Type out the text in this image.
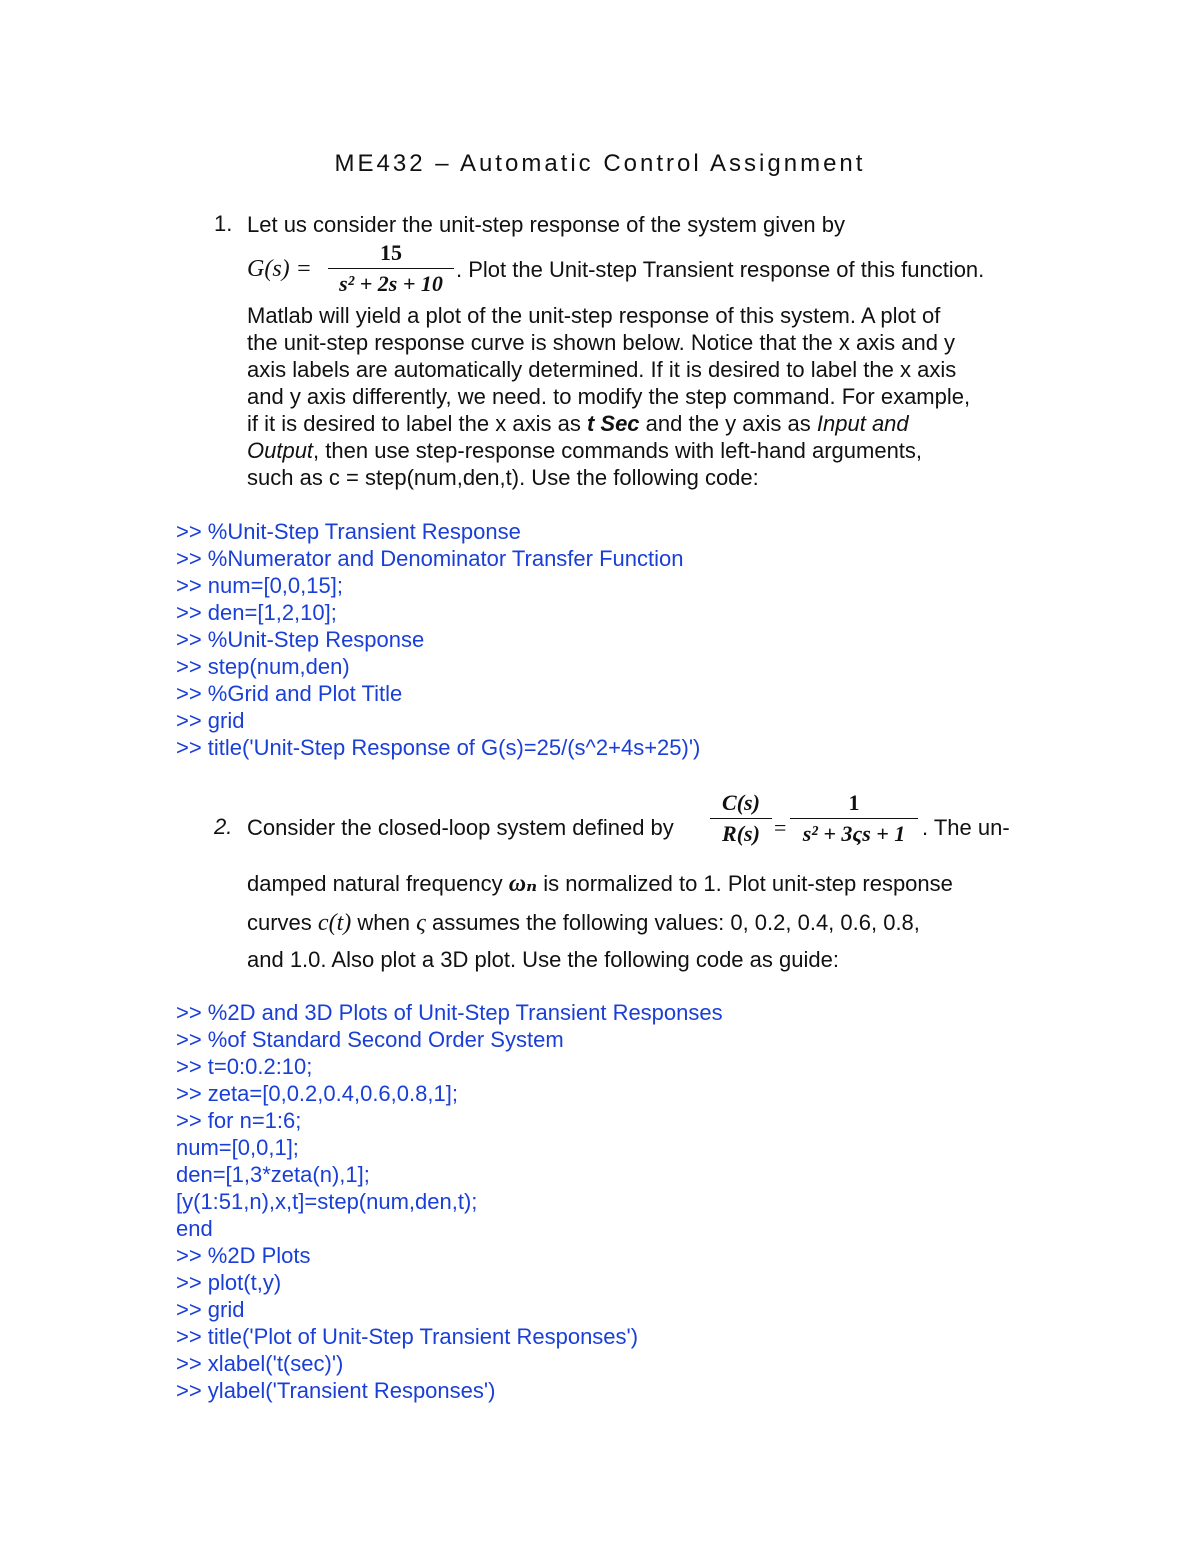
ME432 – Automatic Control Assignment
1. Let us consider the unit-step response of the system given by
G(s) =
15
s² + 2s + 10
. Plot the Unit-step Transient response of this function.
Matlab will yield a plot of the unit-step response of this system. A plot of
the unit-step response curve is shown below. Notice that the x axis and y
axis labels are automatically determined. If it is desired to label the x axis
and y axis differently, we need. to modify the step command. For example,
if it is desired to label the x axis as t Sec and the y axis as Input and
Output, then use step-response commands with left-hand arguments,
such as c = step(num,den,t). Use the following code:
>> %Unit-Step Transient Response
>> %Numerator and Denominator Transfer Function
>> num=[0,0,15];
>> den=[1,2,10];
>> %Unit-Step Response
>> step(num,den)
>> %Grid and Plot Title
>> grid
>> title('Unit-Step Response of G(s)=25/(s^2+4s+25)')
2. Consider the closed-loop system defined by
C(s)
R(s) =
1
s² + 3ςs + 1 . The un-
damped natural frequency ωₙ is normalized to 1. Plot unit-step response
curves c(t) when ς assumes the following values: 0, 0.2, 0.4, 0.6, 0.8,
and 1.0. Also plot a 3D plot. Use the following code as guide:
>> %2D and 3D Plots of Unit-Step Transient Responses
>> %of Standard Second Order System
>> t=0:0.2:10;
>> zeta=[0,0.2,0.4,0.6,0.8,1];
>> for n=1:6;
num=[0,0,1];
den=[1,3*zeta(n),1];
[y(1:51,n),x,t]=step(num,den,t);
end
>> %2D Plots
>> plot(t,y)
>> grid
>> title('Plot of Unit-Step Transient Responses')
>> xlabel('t(sec)')
>> ylabel('Transient Responses')
